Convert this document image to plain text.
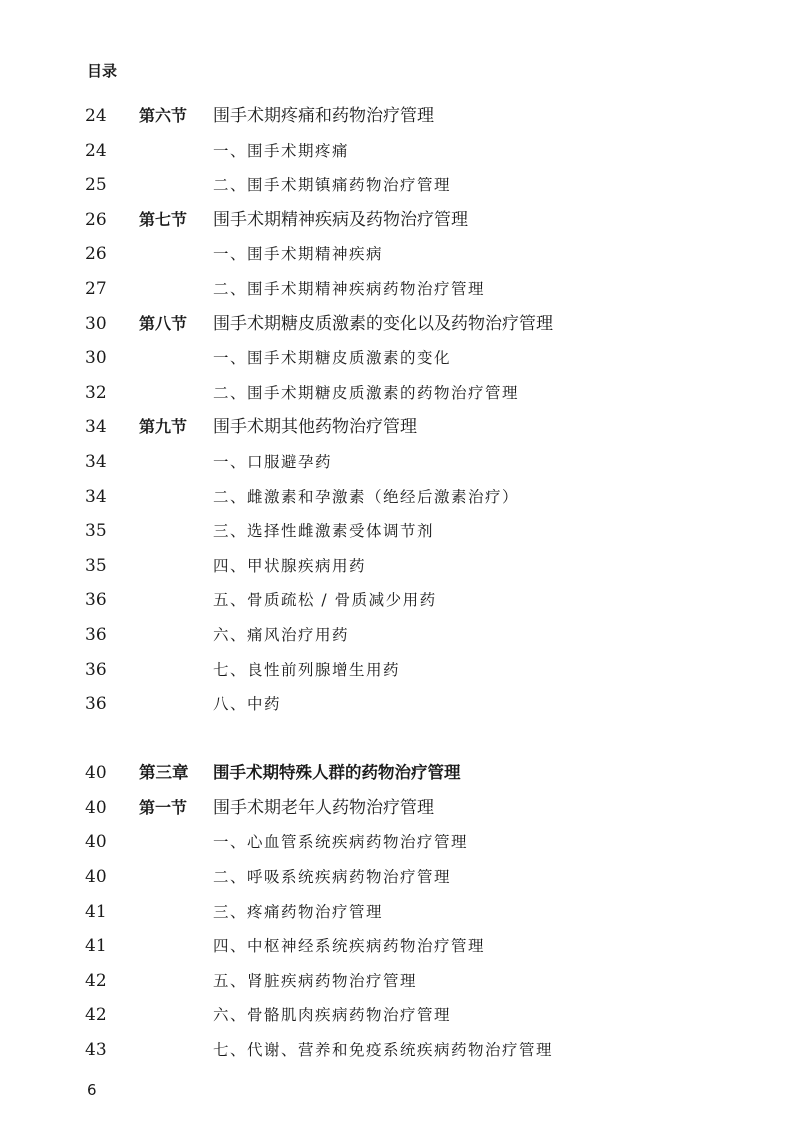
目录
24 第六节 围手术期疼痛和药物治疗管理
24	一、围手术期疼痛
25	二、围手术期镇痛药物治疗管理
26 第七节 围手术期精神疾病及药物治疗管理
26	一、围手术期精神疾病
27	二、围手术期精神疾病药物治疗管理
30 第八节 围手术期糖皮质激素的变化以及药物治疗管理
30	一、围手术期糖皮质激素的变化
32	二、围手术期糖皮质激素的药物治疗管理
34 第九节 围手术期其他药物治疗管理
34	一、口服避孕药
34	二、雌激素和孕激素（绝经后激素治疗）
35	三、选择性雌激素受体调节剂
35	四、甲状腺疾病用药
36	五、骨质疏松 / 骨质减少用药
36	六、痛风治疗用药
36	七、良性前列腺增生用药
36	八、中药
40 第三章 围手术期特殊人群的药物治疗管理
40 第一节 围手术期老年人药物治疗管理
40	一、心血管系统疾病药物治疗管理
40	二、呼吸系统疾病药物治疗管理
41	三、疼痛药物治疗管理
41	四、中枢神经系统疾病药物治疗管理
42	五、肾脏疾病药物治疗管理
42	六、骨骼肌肉疾病药物治疗管理
43	七、代谢、营养和免疫系统疾病药物治疗管理
6
